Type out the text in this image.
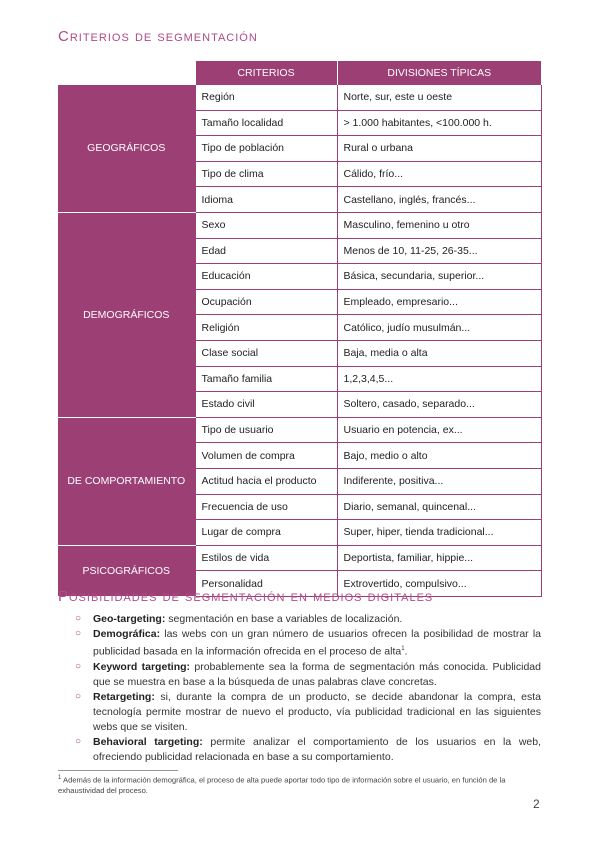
Criterios de segmentación
	CRITERIOS	DIVISIONES TÍPICAS
GEOGRÁFICOS	Región	Norte, sur, este u oeste
	Tamaño localidad	> 1.000 habitantes, <100.000 h.
	Tipo de población	Rural o urbana
	Tipo de clima	Cálido, frío...
	Idioma	Castellano, inglés, francés...
DEMOGRÁFICOS	Sexo	Masculino, femenino u otro
	Edad	Menos de 10, 11-25, 26-35...
	Educación	Básica, secundaria, superior...
	Ocupación	Empleado, empresario...
	Religión	Católico, judío musulmán...
	Clase social	Baja, media o alta
	Tamaño familia	1,2,3,4,5...
	Estado civil	Soltero, casado, separado...
DE COMPORTAMIENTO	Tipo de usuario	Usuario en potencia, ex...
	Volumen de compra	Bajo, medio o alto
	Actitud hacia el producto	Indiferente, positiva...
	Frecuencia de uso	Diario, semanal, quincenal...
	Lugar de compra	Super, hiper, tienda tradicional...
PSICOGRÁFICOS	Estilos de vida	Deportista, familiar, hippie...
	Personalidad	Extrovertido, compulsivo...
Posibilidades de segmentación en medios digitales
○ Geo-targeting: segmentación en base a variables de localización.
○ Demográfica: las webs con un gran número de usuarios ofrecen la posibilidad de mostrar la publicidad basada en la información ofrecida en el proceso de alta$^1$.
○ Keyword targeting: probablemente sea la forma de segmentación más conocida. Publicidad que se muestra en base a la búsqueda de unas palabras clave concretas.
○ Retargeting: si, durante la compra de un producto, se decide abandonar la compra, esta tecnología permite mostrar de nuevo el producto, vía publicidad tradicional en las siguientes webs que se visiten.
○ Behavioral targeting: permite analizar el comportamiento de los usuarios en la web, ofreciendo publicidad relacionada en base a su comportamiento.
$^1$ Además de la información demográfica, el proceso de alta puede aportar todo tipo de información sobre el usuario, en función de la exhaustividad del proceso.
2
